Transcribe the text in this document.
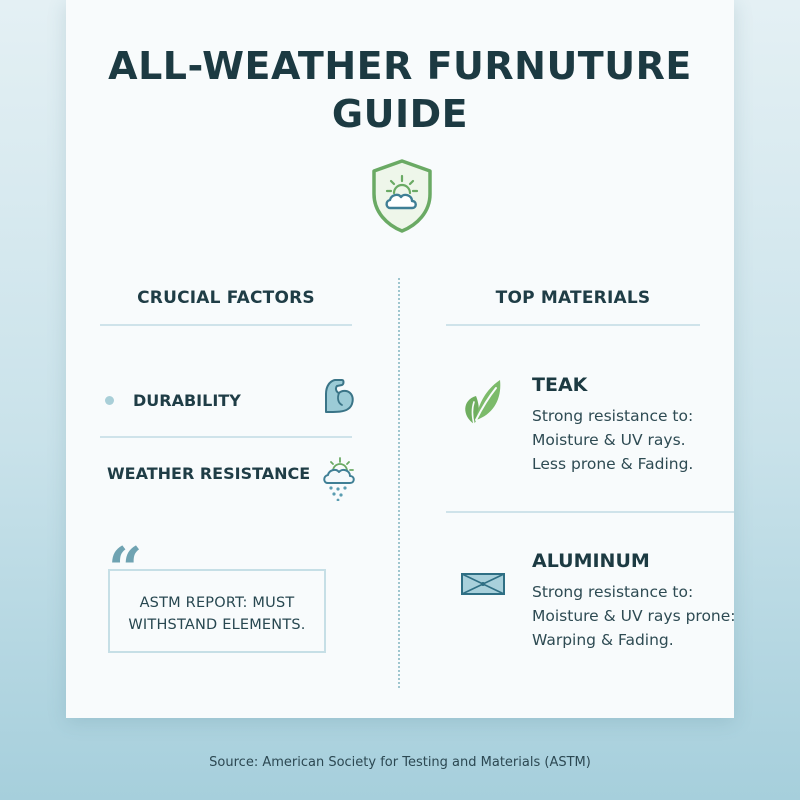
ALL-WEATHER FURNUTURE
GUIDE
CRUCIAL FACTORS	TOP MATERIALS
DURABILITY
WEATHER RESISTANCE
ASTM REPORT: MUST
WITHSTAND ELEMENTS.
“
TEAK
Strong resistance to:
Moisture & UV rays.
Less prone & Fading.
ALUMINUM
Strong resistance to:
Moisture & UV rays prone:
Warping & Fading.
Source: American Society for Testing and Materials (ASTM)
